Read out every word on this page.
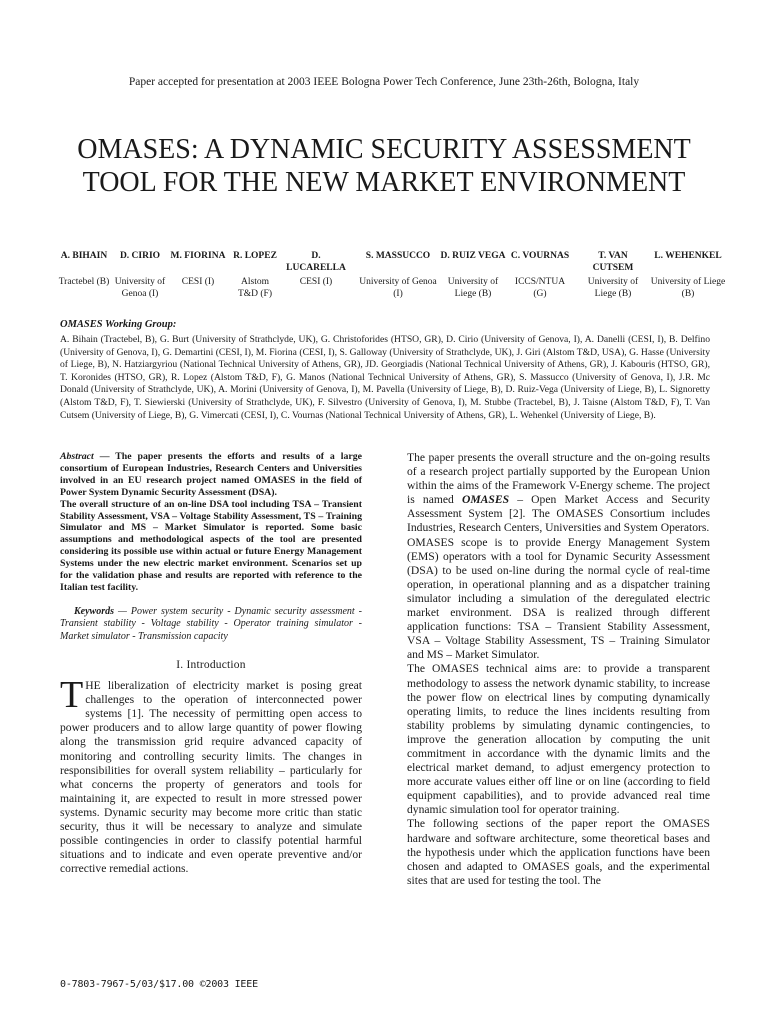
Paper accepted for presentation at 2003 IEEE Bologna Power Tech Conference, June 23th-26th, Bologna, Italy
OMASES: A DYNAMIC SECURITY ASSESSMENT TOOL FOR THE NEW MARKET ENVIRONMENT
A. BIHAIN
Tractebel (B)
D. CIRIO
University of Genoa (I)
M. FIORINA
CESI (I)
R. LOPEZ
Alstom T&D (F)
D. LUCARELLA
CESI (I)
S. MASSUCCO
University of Genoa (I)
D. RUIZ VEGA
University of Liege (B)
C. VOURNAS
ICCS/NTUA (G)
T. VAN CUTSEM
University of Liege (B)
L. WEHENKEL
University of Liege (B)
OMASES Working Group:
A. Bihain (Tractebel, B), G. Burt (University of Strathclyde, UK), G. Christoforides (HTSO, GR), D. Cirio (University of Genova, I), A. Danelli (CESI, I), B. Delfino (University of Genova, I), G. Demartini (CESI, I), M. Fiorina (CESI, I), S. Galloway (University of Strathclyde, UK), J. Giri (Alstom T&D, USA), G. Hasse (University of Liege, B), N. Hatziargyriou (National Technical University of Athens, GR), JD. Georgiadis (National Technical University of Athens, GR), J. Kabouris (HTSO, GR), T. Koronides (HTSO, GR), R. Lopez (Alstom T&D, F), G. Manos (National Technical University of Athens, GR), S. Massucco (University of Genova, I), J.R. Mc Donald (University of Strathclyde, UK), A. Morini (University of Genova, I), M. Pavella (University of Liege, B), D. Ruiz-Vega (University of Liege, B), L. Signoretty (Alstom T&D, F), T. Siewierski (University of Strathclyde, UK), F. Silvestro (University of Genova, I), M. Stubbe (Tractebel, B), J. Taisne (Alstom T&D, F), T. Van Cutsem (University of Liege, B), G. Vimercati (CESI, I), C. Vournas (National Technical University of Athens, GR), L. Wehenkel (University of Liege, B).

Abstract — The paper presents the efforts and results of a large consortium of European Industries, Research Centers and Universities involved in an EU research project named OMASES in the field of Power System Dynamic Security Assessment (DSA).
The overall structure of an on-line DSA tool including TSA – Transient Stability Assessment, VSA – Voltage Stability Assessment, TS – Training Simulator and MS – Market Simulator is reported. Some basic assumptions and methodological aspects of the tool are presented considering its possible use within actual or future Energy Management Systems under the new electric market environment. Scenarios set up for the validation phase and results are reported with reference to the Italian test facility.

Keywords — Power system security - Dynamic security assessment - Transient stability - Voltage stability - Operator training simulator - Market simulator - Transmission capacity
I. Introduction
THE liberalization of electricity market is posing great challenges to the operation of interconnected power systems [1]. The necessity of permitting open access to power producers and to allow large quantity of power flowing along the transmission grid require advanced capacity of monitoring and controlling security limits. The changes in responsibilities for overall system reliability – particularly for what concerns the property of generators and tools for maintaining it, are expected to result in more stressed power systems. Dynamic security may become more critic than static security, thus it will be necessary to analyze and simulate possible contingencies in order to classify potential harmful situations and to indicate and even operate preventive and/or corrective remedial actions.

The paper presents the overall structure and the on-going results of a research project partially supported by the European Union within the aims of the Framework V-Energy scheme. The project is named OMASES – Open Market Access and Security Assessment System [2]. The OMASES Consortium includes Industries, Research Centers, Universities and System Operators.

OMASES scope is to provide Energy Management System (EMS) operators with a tool for Dynamic Security Assessment (DSA) to be used on-line during the normal cycle of real-time operation, in operational planning and as a dispatcher training simulator including a simulation of the deregulated electric market environment. DSA is realized through different application functions: TSA – Transient Stability Assessment, VSA – Voltage Stability Assessment, TS – Training Simulator and MS – Market Simulator.

The OMASES technical aims are: to provide a transparent methodology to assess the network dynamic stability, to increase the power flow on electrical lines by computing dynamically operating limits, to reduce the lines incidents resulting from stability problems by simulating dynamic contingencies, to improve the generation allocation by computing the unit commitment in accordance with the dynamic limits and the electrical market demand, to adjust emergency protection to more accurate values either off line or on line (according to field equipment capabilities), and to provide advanced real time dynamic simulation tool for operator training.

The following sections of the paper report the OMASES hardware and software architecture, some theoretical bases and the hypothesis under which the application functions have been chosen and adapted to OMASES goals, and the experimental sites that are used for testing the tool. The

0-7803-7967-5/03/$17.00 ©2003 IEEE
